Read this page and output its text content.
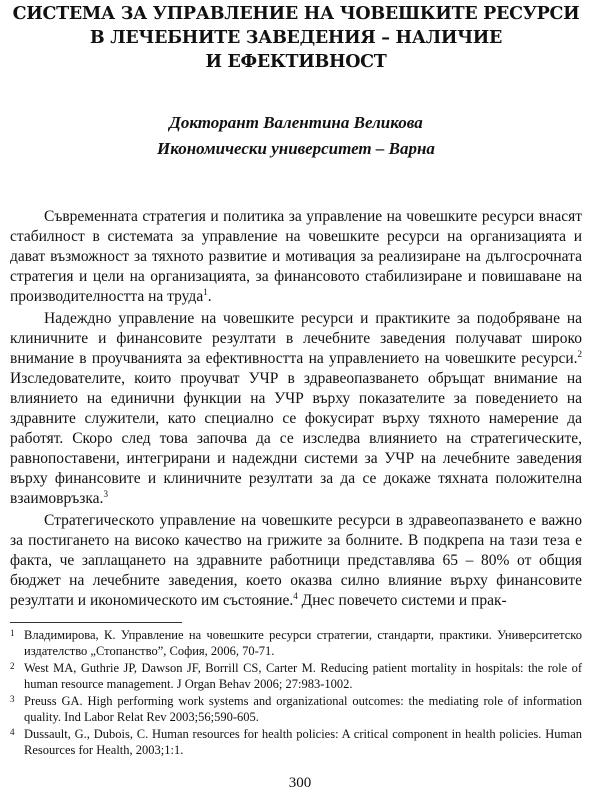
СИСТЕМА ЗА УПРАВЛЕНИЕ НА ЧОВЕШКИТЕ РЕСУРСИ
В ЛЕЧЕБНИТЕ ЗАВЕДЕНИЯ – НАЛИЧИЕ
И ЕФЕКТИВНОСТ
Докторант Валентина Великова
Икономически университет – Варна

Съвременната стратегия и политика за управление на човешките ресурси внасят стабилност в системата за управление на човешките ресурси на организацията и дават възможност за тяхното развитие и мотивация за реализиране на дългосрочната стратегия и цели на организацията, за финансовото стабилизиране и повишаване на производителността на труда$^1$.

Надеждно управление на човешките ресурси и практиките за подобряване на клиничните и финансовите резултати в лечебните заведения получават широко внимание в проучванията за ефективността на управлението на човешките ресурси.$^2$ Изследователите, които проучват УЧР в здравеопазването обръщат внимание на влиянието на единични функции на УЧР върху показателите за поведението на здравните служители, като специално се фокусират върху тяхното намерение да работят. Скоро след това започва да се изследва влиянието на стратегическите, равнопоставени, интегрирани и надеждни системи за УЧР на лечебните заведения върху финансовите и клиничните резултати за да се докаже тяхната положителна взаимовръзка.$^3$

Стратегическото управление на човешките ресурси в здравеопазването е важно за постигането на високо качество на грижите за болните. В подкрепа на тази теза е факта, че заплащането на здравните работници представлява 65 – 80% от общия бюджет на лечебните заведения, което оказва силно влияние върху финансовите резултати и икономическото им състояние.$^4$ Днес повечето системи и прак-

1 Владимирова, К. Управление на човешките ресурси стратегии, стандарти, практики. Университетско издателство „Стопанство”, София, 2006, 70-71.
2 West MA, Guthrie JP, Dawson JF, Borrill CS, Carter M. Reducing patient mortality in hospitals: the role of human resource management. J Organ Behav 2006; 27:983-1002.
3 Preuss GA. High performing work systems and organizational outcomes: the mediating role of information quality. Ind Labor Relat Rev 2003;56;590-605.
4 Dussault, G., Dubois, C. Human resources for health policies: A critical component in health policies. Human Resources for Health, 2003;1:1.
300
